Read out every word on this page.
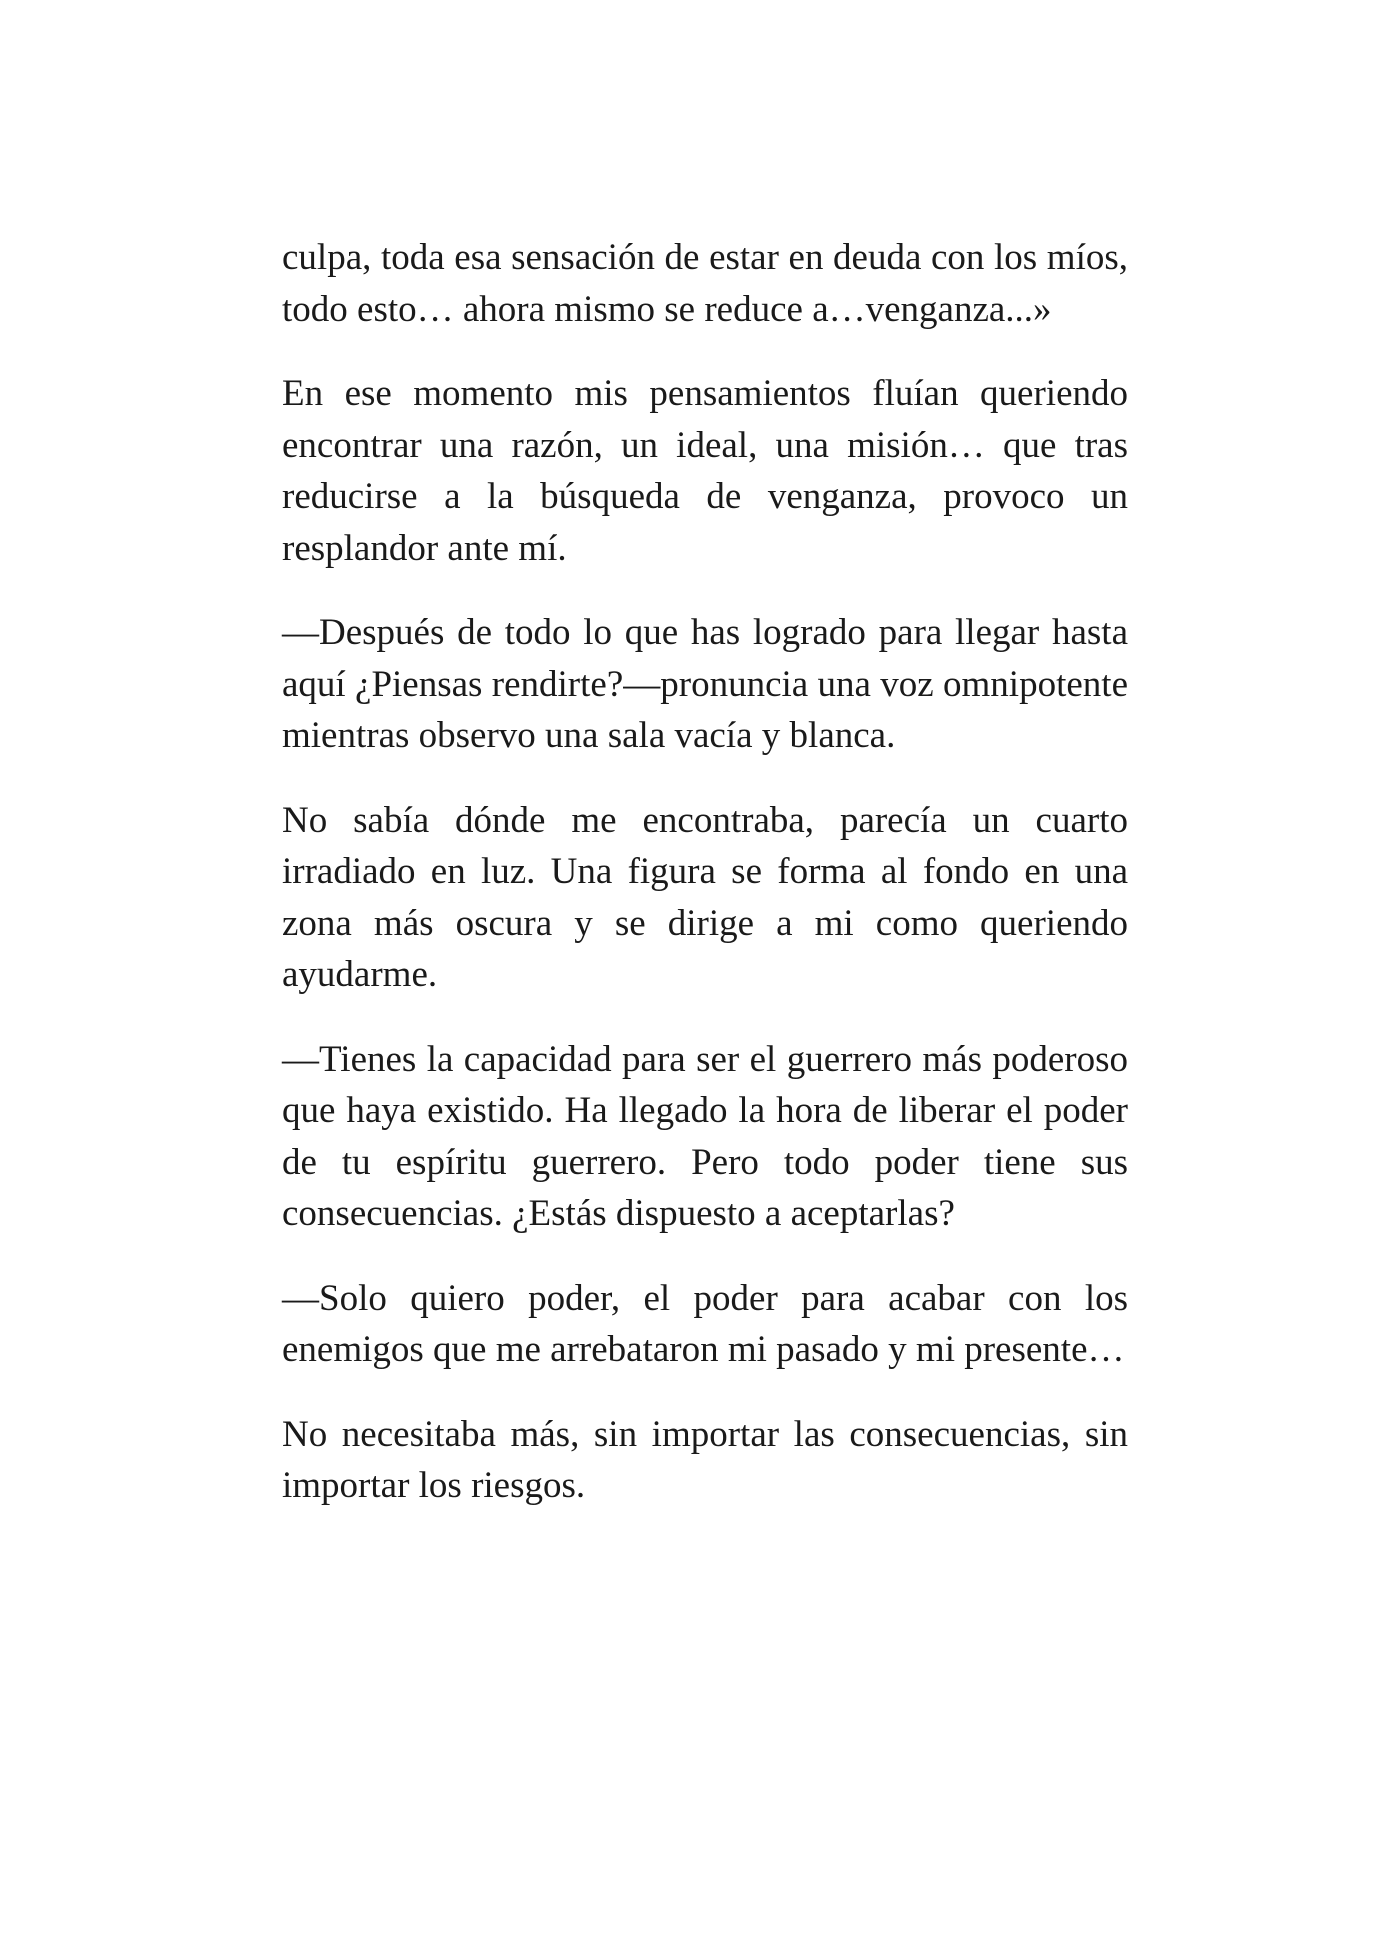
culpa, toda esa sensación de estar en deuda con los míos, todo esto… ahora mismo se reduce a…venganza...»

En ese momento mis pensamientos fluían queriendo encontrar una razón, un ideal, una misión… que tras reducirse a la búsqueda de venganza, provoco un resplandor ante mí.

—Después de todo lo que has logrado para llegar hasta aquí ¿Piensas rendirte?—pronuncia una voz omnipotente mientras observo una sala vacía y blanca.

No sabía dónde me encontraba, parecía un cuarto irradiado en luz. Una figura se forma al fondo en una zona más oscura y se dirige a mi como queriendo ayudarme.

—Tienes la capacidad para ser el guerrero más poderoso que haya existido. Ha llegado la hora de liberar el poder de tu espíritu guerrero. Pero todo poder tiene sus consecuencias. ¿Estás dispuesto a aceptarlas?

—Solo quiero poder, el poder para acabar con los enemigos que me arrebataron mi pasado y mi presente…

No necesitaba más, sin importar las consecuencias, sin importar los riesgos.
